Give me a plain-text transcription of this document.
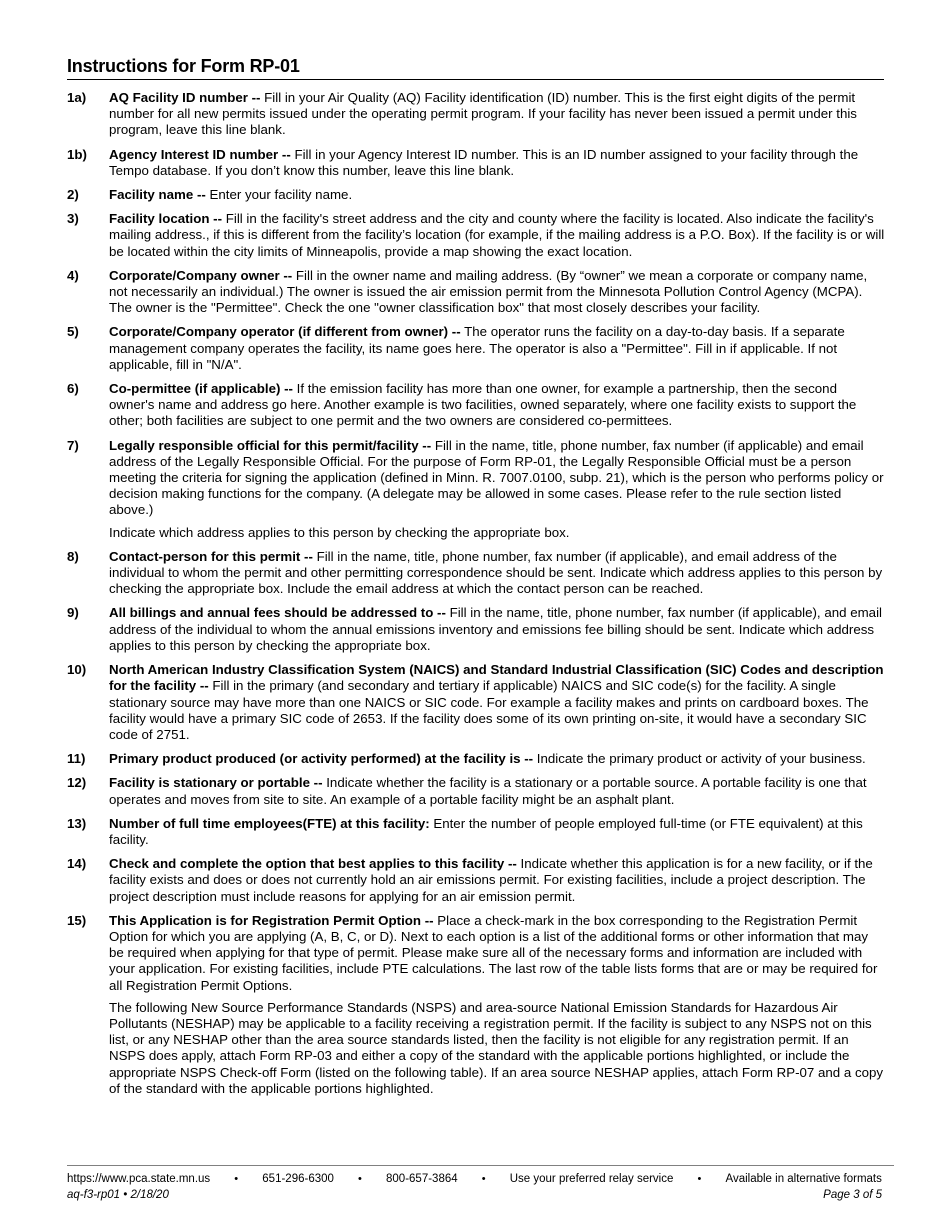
Instructions for Form RP-01
1a)	AQ Facility ID number -- Fill in your Air Quality (AQ) Facility identification (ID) number. This is the first eight digits of the permit number for all new permits issued under the operating permit program. If your facility has never been issued a permit under this program, leave this line blank.

1b)	Agency Interest ID number -- Fill in your Agency Interest ID number. This is an ID number assigned to your facility through the Tempo database. If you don’t know this number, leave this line blank.

2)	Facility name -- Enter your facility name.

3)	Facility location -- Fill in the facility's street address and the city and county where the facility is located. Also indicate the facility's mailing address., if this is different from the facility’s location (for example, if the mailing address is a P.O. Box). If the facility is or will be located within the city limits of Minneapolis, provide a map showing the exact location.

4)	Corporate/Company owner -- Fill in the owner name and mailing address. (By “owner” we mean a corporate or company name, not necessarily an individual.) The owner is issued the air emission permit from the Minnesota Pollution Control Agency (MCPA). The owner is the "Permittee". Check the one "owner classification box" that most closely describes your facility.

5)	Corporate/Company operator (if different from owner) -- The operator runs the facility on a day-to-day basis. If a separate management company operates the facility, its name goes here. The operator is also a "Permittee". Fill in if applicable. If not applicable, fill in "N/A".

6)	Co-permittee (if applicable) -- If the emission facility has more than one owner, for example a partnership, then the second owner's name and address go here. Another example is two facilities, owned separately, where one facility exists to support the other; both facilities are subject to one permit and the two owners are considered co-permittees.

7)	Legally responsible official for this permit/facility -- Fill in the name, title, phone number, fax number (if applicable) and email address of the Legally Responsible Official. For the purpose of Form RP-01, the Legally Responsible Official must be a person meeting the criteria for signing the application (defined in Minn. R. 7007.0100, subp. 21), which is the person who performs policy or decision making functions for the company. (A delegate may be allowed in some cases. Please refer to the rule section listed above.)

Indicate which address applies to this person by checking the appropriate box.

8)	Contact-person for this permit -- Fill in the name, title, phone number, fax number (if applicable), and email address of the individual to whom the permit and other permitting correspondence should be sent. Indicate which address applies to this person by checking the appropriate box. Include the email address at which the contact person can be reached.

9)	All billings and annual fees should be addressed to -- Fill in the name, title, phone number, fax number (if applicable), and email address of the individual to whom the annual emissions inventory and emissions fee billing should be sent. Indicate which address applies to this person by checking the appropriate box.

10)	North American Industry Classification System (NAICS) and Standard Industrial Classification (SIC) Codes and description for the facility -- Fill in the primary (and secondary and tertiary if applicable) NAICS and SIC code(s) for the facility. A single stationary source may have more than one NAICS or SIC code. For example a facility makes and prints on cardboard boxes. The facility would have a primary SIC code of 2653. If the facility does some of its own printing on-site, it would have a secondary SIC code of 2751.

11)	Primary product produced (or activity performed) at the facility is -- Indicate the primary product or activity of your business.

12)	Facility is stationary or portable -- Indicate whether the facility is a stationary or a portable source. A portable facility is one that operates and moves from site to site. An example of a portable facility might be an asphalt plant.

13)	Number of full time employees(FTE) at this facility: Enter the number of people employed full-time (or FTE equivalent) at this facility.

14)	Check and complete the option that best applies to this facility -- Indicate whether this application is for a new facility, or if the facility exists and does or does not currently hold an air emissions permit. For existing facilities, include a project description. The project description must include reasons for applying for an air emission permit.

15)	This Application is for Registration Permit Option -- Place a check-mark in the box corresponding to the Registration Permit Option for which you are applying (A, B, C, or D). Next to each option is a list of the additional forms or other information that may be required when applying for that type of permit. Please make sure all of the necessary forms and information are included with your application. For existing facilities, include PTE calculations. The last row of the table lists forms that are or may be required for all Registration Permit Options.

The following New Source Performance Standards (NSPS) and area-source National Emission Standards for Hazardous Air Pollutants (NESHAP) may be applicable to a facility receiving a registration permit. If the facility is subject to any NSPS not on this list, or any NESHAP other than the area source standards listed, then the facility is not eligible for any registration permit. If an NSPS does apply, attach Form RP-03 and either a copy of the standard with the applicable portions highlighted, or include the appropriate NSPS Check-off Form (listed on the following table). If an area source NESHAP applies, attach Form RP-07 and a copy of the standard with the applicable portions highlighted.

https://www.pca.state.mn.us • 651-296-6300 • 800-657-3864 • Use your preferred relay service • Available in alternative formats
aq-f3-rp01 • 2/18/20	Page 3 of 5
